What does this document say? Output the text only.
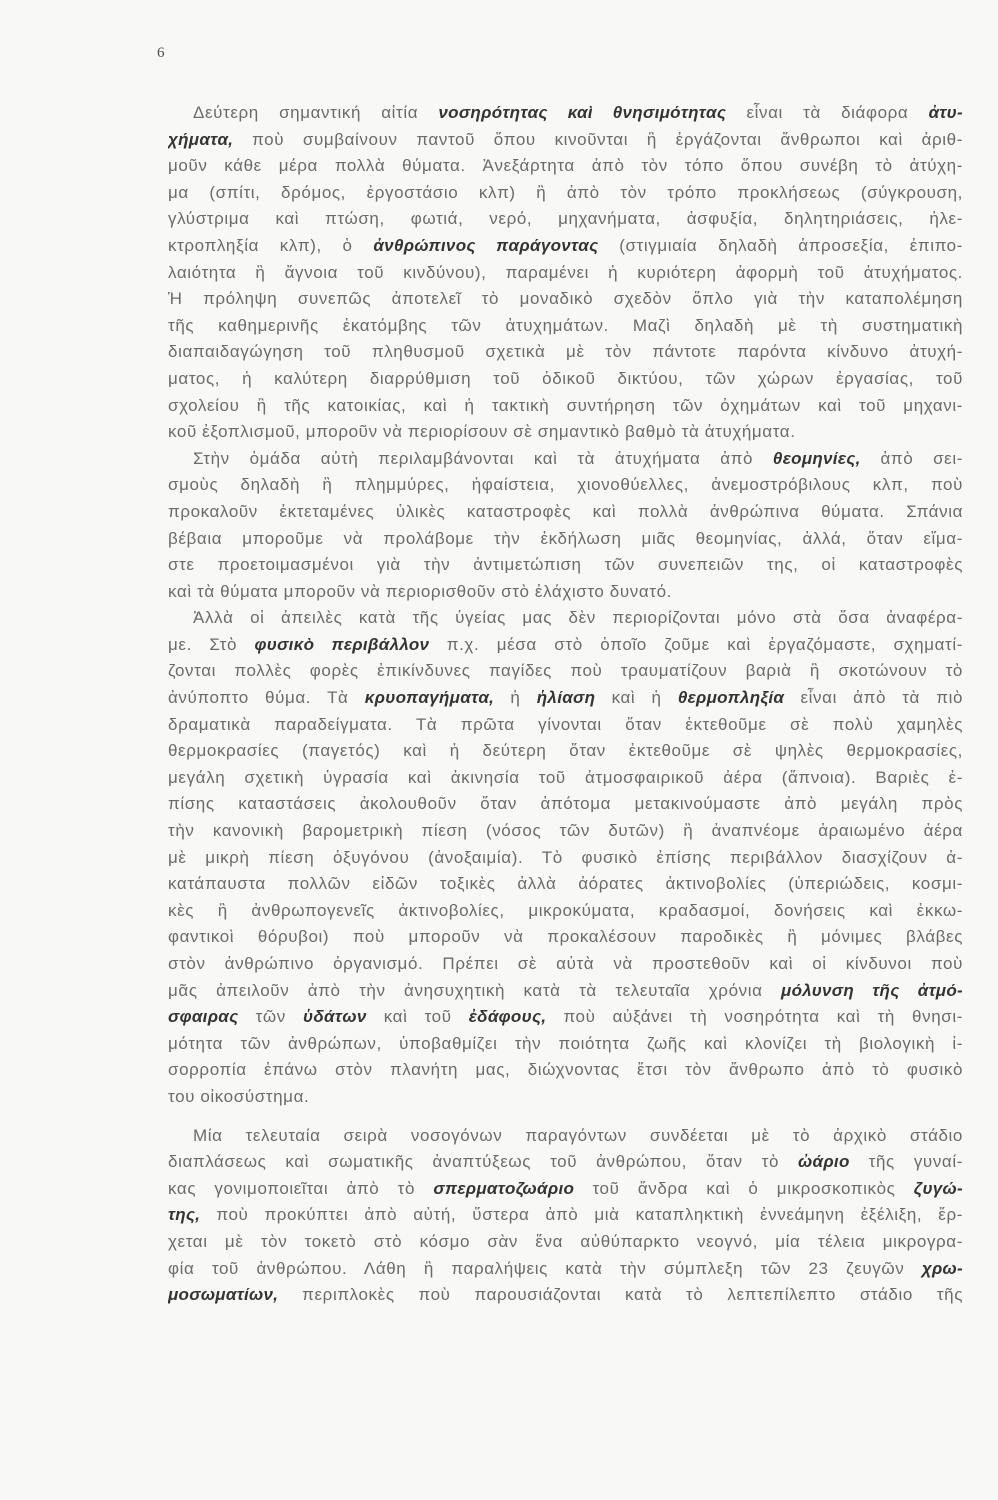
6
Δεύτερη σημαντική αἰτία νοσηρότητας καὶ θνησιμότητας εἶναι τὰ διάφορα ἀτυ-
χήματα, ποὺ συμβαίνουν παντοῦ ὅπου κινοῦνται ἢ ἐργάζονται ἄνθρωποι καὶ ἀριθ-
μοῦν κάθε μέρα πολλὰ θύματα. Ἀνεξάρτητα ἀπὸ τὸν τόπο ὅπου συνέβη τὸ ἀτύχη-
μα (σπίτι, δρόμος, ἐργοστάσιο κλπ) ἢ ἀπὸ τὸν τρόπο προκλήσεως (σύγκρουση,
γλύστριμα καὶ πτώση, φωτιά, νερό, μηχανήματα, ἀσφυξία, δηλητηριάσεις, ἠλε-
κτροπληξία κλπ), ὁ ἀνθρώπινος παράγοντας (στιγμιαία δηλαδὴ ἀπροσεξία, ἐπιπο-
λαιότητα ἢ ἄγνοια τοῦ κινδύνου), παραμένει ἡ κυριότερη ἀφορμὴ τοῦ ἀτυχήματος.
Ἡ πρόληψη συνεπῶς ἀποτελεῖ τὸ μοναδικὸ σχεδὸν ὅπλο γιὰ τὴν καταπολέμηση
τῆς καθημερινῆς ἑκατόμβης τῶν ἀτυχημάτων. Μαζὶ δηλαδὴ μὲ τὴ συστηματικὴ
διαπαιδαγώγηση τοῦ πληθυσμοῦ σχετικὰ μὲ τὸν πάντοτε παρόντα κίνδυνο ἀτυχή-
ματος, ἡ καλύτερη διαρρύθμιση τοῦ ὁδικοῦ δικτύου, τῶν χώρων ἐργασίας, τοῦ
σχολείου ἢ τῆς κατοικίας, καὶ ἡ τακτικὴ συντήρηση τῶν ὀχημάτων καὶ τοῦ μηχανι-
κοῦ ἐξοπλισμοῦ, μποροῦν νὰ περιορίσουν σὲ σημαντικὸ βαθμὸ τὰ ἀτυχήματα.
Στὴν ὁμάδα αὐτὴ περιλαμβάνονται καὶ τὰ ἀτυχήματα ἀπὸ θεομηνίες, ἀπὸ σει-
σμοὺς δηλαδὴ ἢ πλημμύρες, ἡφαίστεια, χιονοθύελλες, ἀνεμοστρόβιλους κλπ, ποὺ
προκαλοῦν ἐκτεταμένες ὑλικὲς καταστροφὲς καὶ πολλὰ ἀνθρώπινα θύματα. Σπάνια
βέβαια μποροῦμε νὰ προλάβομε τὴν ἐκδήλωση μιᾶς θεομηνίας, ἀλλά, ὅταν εἴμα-
στε προετοιμασμένοι γιὰ τὴν ἀντιμετώπιση τῶν συνεπειῶν της, οἱ καταστροφὲς
καὶ τὰ θύματα μποροῦν νὰ περιορισθοῦν στὸ ἐλάχιστο δυνατό.
Ἀλλὰ οἱ ἀπειλὲς κατὰ τῆς ὑγείας μας δὲν περιορίζονται μόνο στὰ ὅσα ἀναφέρα-
με. Στὸ φυσικὸ περιβάλλον π.χ. μέσα στὸ ὁποῖο ζοῦμε καὶ ἐργαζόμαστε, σχηματί-
ζονται πολλὲς φορὲς ἐπικίνδυνες παγίδες ποὺ τραυματίζουν βαριὰ ἢ σκοτώνουν τὸ
ἀνύποπτο θύμα. Τὰ κρυοπαγήματα, ἡ ἡλίαση καὶ ἡ θερμοπληξία εἶναι ἀπὸ τὰ πιὸ
δραματικὰ παραδείγματα. Τὰ πρῶτα γίνονται ὅταν ἐκτεθοῦμε σὲ πολὺ χαμηλὲς
θερμοκρασίες (παγετός) καὶ ἡ δεύτερη ὅταν ἐκτεθοῦμε σὲ ψηλὲς θερμοκρασίες,
μεγάλη σχετικὴ ὑγρασία καὶ ἀκινησία τοῦ ἀτμοσφαιρικοῦ ἀέρα (ἄπνοια). Βαριὲς ἐ-
πίσης καταστάσεις ἀκολουθοῦν ὅταν ἀπότομα μετακινούμαστε ἀπὸ μεγάλη πρὸς
τὴν κανονικὴ βαρομετρικὴ πίεση (νόσος τῶν δυτῶν) ἢ ἀναπνέομε ἀραιωμένο ἀέρα
μὲ μικρὴ πίεση ὀξυγόνου (ἀνοξαιμία). Τὸ φυσικὸ ἐπίσης περιβάλλον διασχίζουν ἀ-
κατάπαυστα πολλῶν εἰδῶν τοξικὲς ἀλλὰ ἀόρατες ἀκτινοβολίες (ὑπεριώδεις, κοσμι-
κὲς ἢ ἀνθρωπογενεῖς ἀκτινοβολίες, μικροκύματα, κραδασμοί, δονήσεις καὶ ἐκκω-
φαντικοὶ θόρυβοι) ποὺ μποροῦν νὰ προκαλέσουν παροδικὲς ἢ μόνιμες βλάβες
στὸν ἀνθρώπινο ὀργανισμό. Πρέπει σὲ αὐτὰ νὰ προστεθοῦν καὶ οἱ κίνδυνοι ποὺ
μᾶς ἀπειλοῦν ἀπὸ τὴν ἀνησυχητικὴ κατὰ τὰ τελευταῖα χρόνια μόλυνση τῆς ἀτμό-
σφαιρας τῶν ὑδάτων καὶ τοῦ ἐδάφους, ποὺ αὐξάνει τὴ νοσηρότητα καὶ τὴ θνησι-
μότητα τῶν ἀνθρώπων, ὑποβαθμίζει τὴν ποιότητα ζωῆς καὶ κλονίζει τὴ βιολογικὴ ἰ-
σορροπία ἐπάνω στὸν πλανήτη μας, διώχνοντας ἔτσι τὸν ἄνθρωπο ἀπὸ τὸ φυσικὸ
του οἰκοσύστημα.
Μία τελευταία σειρὰ νοσογόνων παραγόντων συνδέεται μὲ τὸ ἀρχικὸ στάδιο
διαπλάσεως καὶ σωματικῆς ἀναπτύξεως τοῦ ἀνθρώπου, ὅταν τὸ ὠάριο τῆς γυναί-
κας γονιμοποιεῖται ἀπὸ τὸ σπερματοζωάριο τοῦ ἄνδρα καὶ ὁ μικροσκοπικὸς ζυγώ-
της, ποὺ προκύπτει ἀπὸ αὐτή, ὕστερα ἀπὸ μιὰ καταπληκτικὴ ἐννεάμηνη ἐξέλιξη, ἔρ-
χεται μὲ τὸν τοκετὸ στὸ κόσμο σὰν ἕνα αὐθύπαρκτο νεογνό, μία τέλεια μικρογρα-
φία τοῦ ἀνθρώπου. Λάθη ἢ παραλήψεις κατὰ τὴν σύμπλεξη τῶν 23 ζευγῶν χρω-
μοσωματίων, περιπλοκὲς ποὺ παρουσιάζονται κατὰ τὸ λεπτεπίλεπτο στάδιο τῆς
